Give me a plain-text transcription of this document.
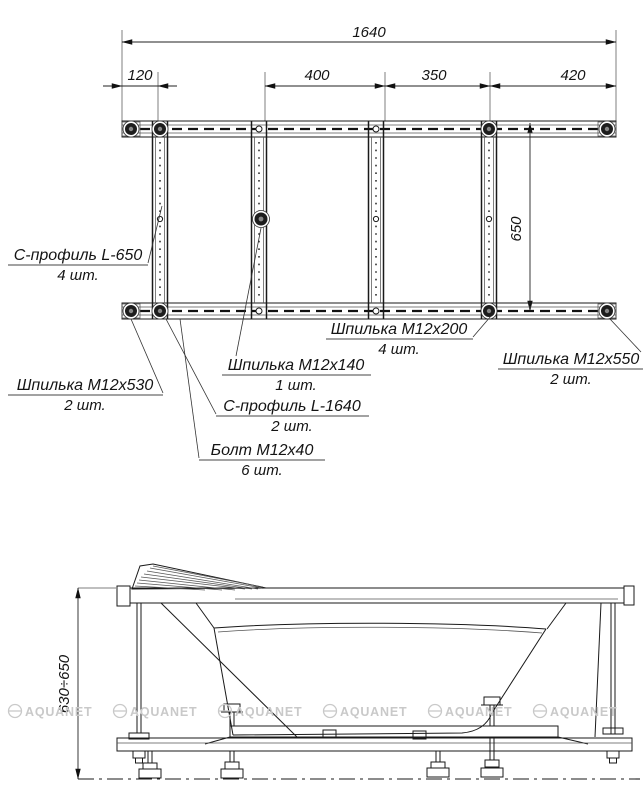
1640
120	400	350	420
650
С-профиль L-650
4 шт.
Шпилька M12x530
2 шт.
Шпилька M12x140
1 шт.
С-профиль L-1640
2 шт.
Болт M12x40
6 шт.
Шпилька M12x200
4 шт.
Шпилька M12x550
2 шт.
630÷650
AQUANET	AQUANET	AQUANET	AQUANET	AQUANET	AQUANET
